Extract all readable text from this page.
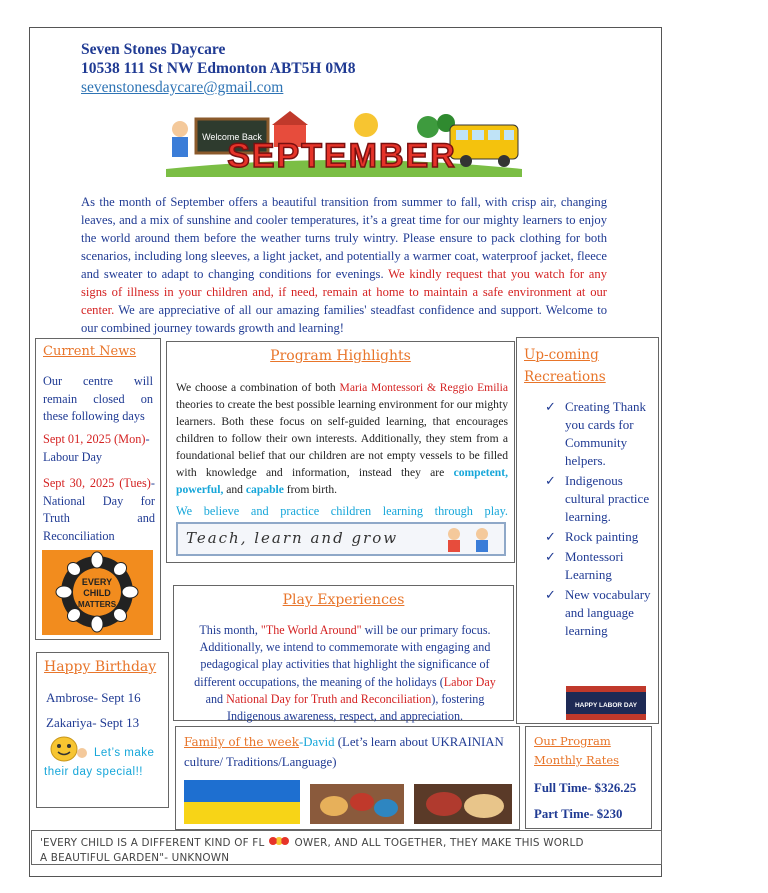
Seven Stones Daycare
10538 111 St NW Edmonton ABT5H 0M8
sevenstonesdaycare@gmail.com
Welcome Back
SEPTEMBER
As the month of September offers a beautiful transition from summer to fall, with crisp air, changing leaves, and a mix of sunshine and cooler temperatures, it’s a great time for our mighty learners to enjoy the world around them before the weather turns truly wintry. Please ensure to pack clothing for both scenarios, including long sleeves, a light jacket, and potentially a warmer coat, waterproof jacket, fleece and sweater to adapt to changing conditions for evenings. We kindly request that you watch for any signs of illness in your children and, if need, remain at home to maintain a safe environment at our center. We are appreciative of all our amazing families' steadfast confidence and support. Welcome to our combined journey towards growth and learning!
Current News
Our centre will remain closed on these following days
Sept 01, 2025 (Mon)-Labour Day
Sept 30, 2025 (Tues)-National Day for Truth and Reconciliation
EVERY
CHILD
MATTERS
Program Highlights
We choose a combination of both Maria Montessori & Reggio Emilia theories to create the best possible learning environment for our mighty learners. Both these focus on self-guided learning, that encourages children to follow their own interests. Additionally, they stem from a foundational belief that our children are not empty vessels to be filled with knowledge and information, instead they are competent, powerful, and capable from birth.
We believe and practice children learning through play.
Teach, learn and grow
Up-coming
Recreations
✓ Creating Thank you cards for Community helpers.
✓ Indigenous cultural practice learning.
✓ Rock painting
✓ Montessori Learning
✓ New vocabulary and language learning
HAPPY LABOR DAY
Play Experiences
This month, "The World Around" will be our primary focus. Additionally, we intend to commemorate with engaging and pedagogical play activities that highlight the significance of different occupations, the meaning of the holidays (Labor Day and National Day for Truth and Reconciliation), fostering Indigenous awareness, respect, and appreciation.
Happy Birthday
Ambrose- Sept 16
Zakariya- Sept 13
Let’s make
their day special!!
Family of the week-David (Let’s learn about UKRAINIAN culture/ Traditions/Language)
Our Program
Monthly Rates
Full Time- $326.25
Part Time- $230
'EVERY CHILD IS A DIFFERENT KIND OF FL	OWER, AND ALL TOGETHER, THEY MAKE THIS WORLD
A BEAUTIFUL GARDEN"- UNKNOWN
